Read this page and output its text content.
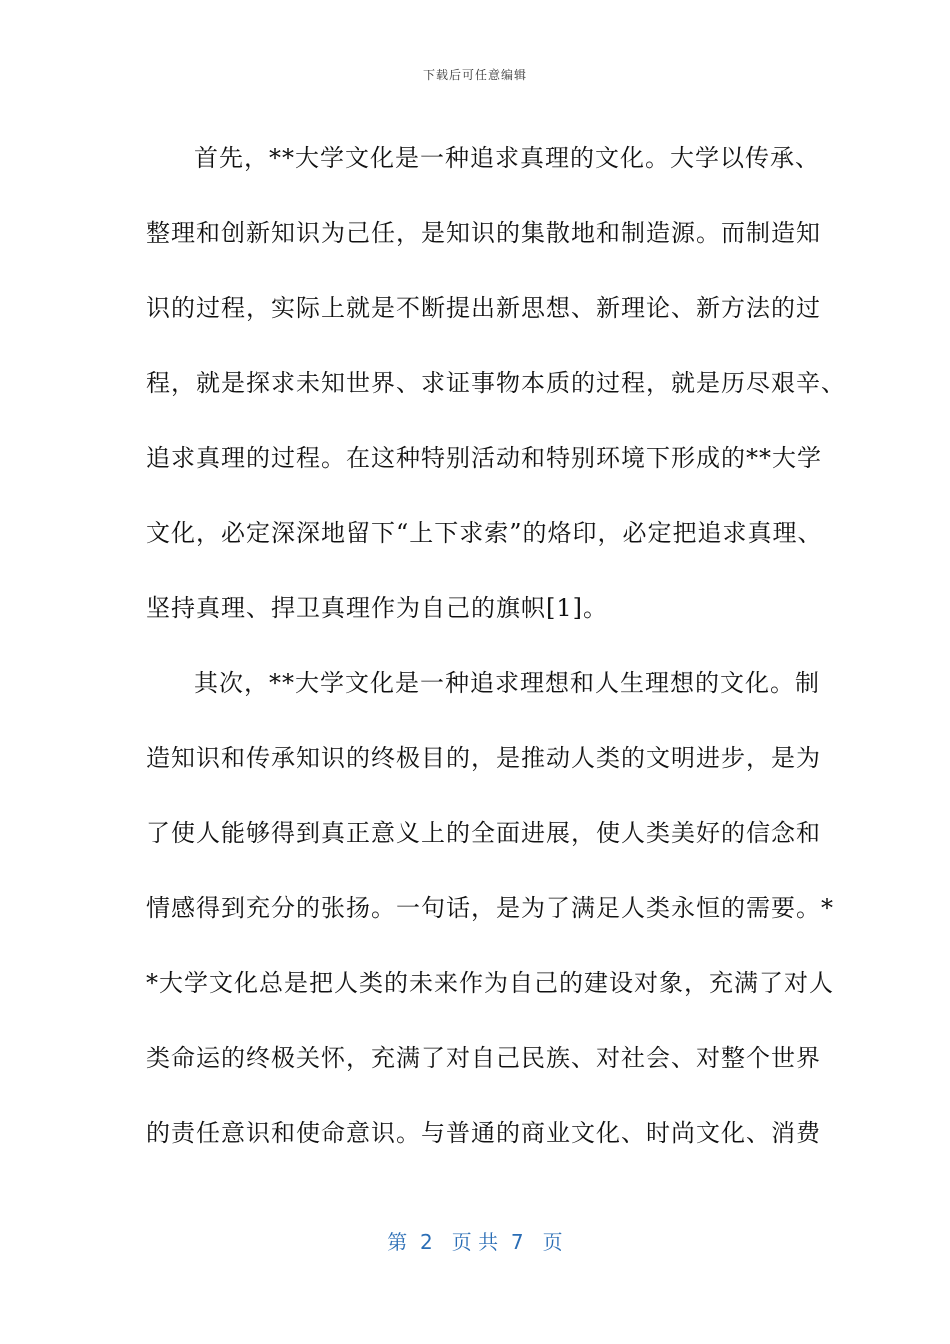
下载后可任意编辑
首先，**大学文化是一种追求真理的文化。大学以传承、
整理和创新知识为己任，是知识的集散地和制造源。而制造知
识的过程，实际上就是不断提出新思想、新理论、新方法的过
程，就是探求未知世界、求证事物本质的过程，就是历尽艰辛、
追求真理的过程。在这种特别活动和特别环境下形成的**大学
文化，必定深深地留下“上下求索”的烙印，必定把追求真理、
坚持真理、捍卫真理作为自己的旗帜[1]。
其次，**大学文化是一种追求理想和人生理想的文化。制
造知识和传承知识的终极目的，是推动人类的文明进步，是为
了使人能够得到真正意义上的全面进展，使人类美好的信念和
情感得到充分的张扬。一句话，是为了满足人类永恒的需要。*
*大学文化总是把人类的未来作为自己的建设对象，充满了对人
类命运的终极关怀，充满了对自己民族、对社会、对整个世界
的责任意识和使命意识。与普通的商业文化、时尚文化、消费
第  2   页 共  7   页
